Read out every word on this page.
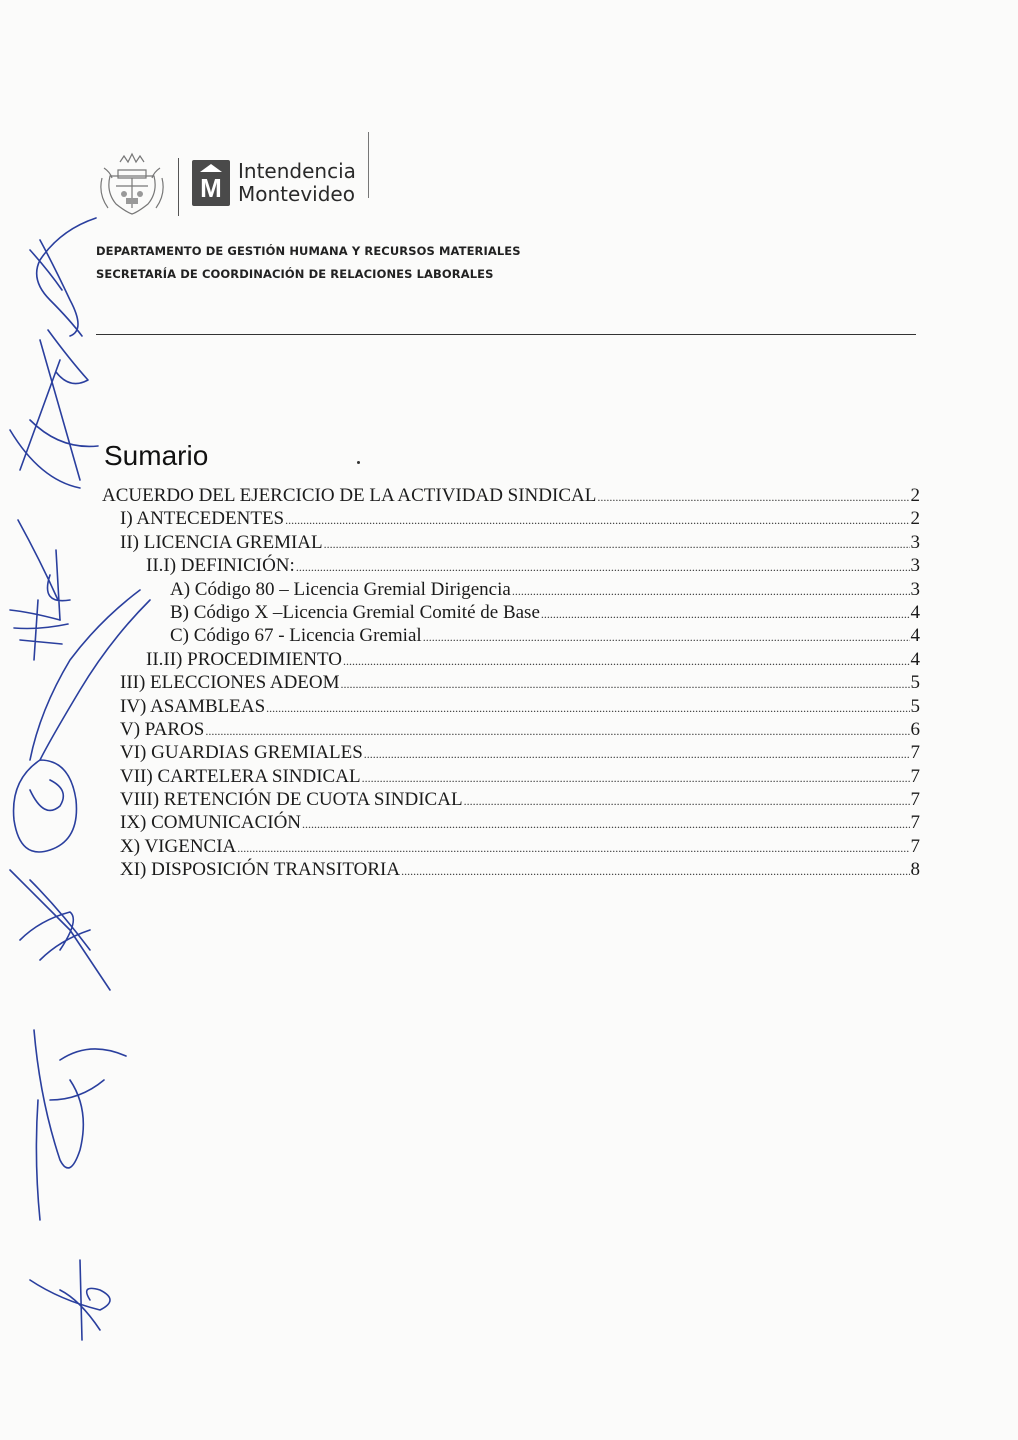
M
Intendencia
Montevideo
DEPARTAMENTO DE GESTIÓN HUMANA Y RECURSOS MATERIALES
SECRETARÍA DE COORDINACIÓN DE RELACIONES LABORALES
Sumario
ACUERDO DEL EJERCICIO DE LA ACTIVIDAD SINDICAL .....	2
I) ANTECEDENTES .....	2
II) LICENCIA GREMIAL .....	3
II.I) DEFINICIÓN: .....	3
A) Código 80 – Licencia Gremial Dirigencia .....	3
B) Código X –Licencia Gremial Comité de Base .....	4
C) Código 67 - Licencia Gremial .....	4
II.II) PROCEDIMIENTO .....	4
III) ELECCIONES ADEOM .....	5
IV) ASAMBLEAS .....	5
V) PAROS .....	6
VI) GUARDIAS GREMIALES .....	7
VII) CARTELERA SINDICAL .....	7
VIII) RETENCIÓN DE CUOTA SINDICAL .....	7
IX) COMUNICACIÓN .....	7
X) VIGENCIA .....	7
XI) DISPOSICIÓN TRANSITORIA .....	8
